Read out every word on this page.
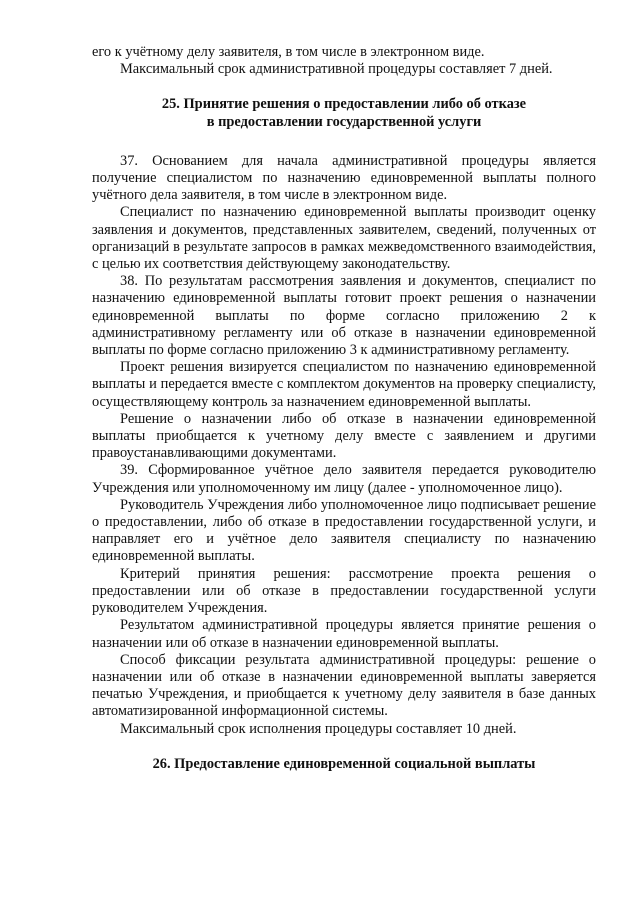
его к учётному делу заявителя, в том числе в электронном виде.

Максимальный срок административной процедуры составляет 7 дней.

25. Принятие решения о предоставлении либо об отказе

в предоставлении государственной услуги

37. Основанием для начала административной процедуры является получение специалистом по назначению единовременной выплаты полного учётного дела заявителя, в том числе в электронном виде.

Специалист по назначению единовременной выплаты производит оценку заявления и документов, представленных заявителем, сведений, полученных от организаций в результате запросов в рамках межведомственного взаимодействия, с целью их соответствия действующему законодательству.

38. По результатам рассмотрения заявления и документов, специалист по назначению единовременной выплаты готовит проект решения о назначении единовременной выплаты по форме согласно приложению 2 к административному регламенту или об отказе в назначении единовременной выплаты по форме согласно приложению 3 к административному регламенту.

Проект решения визируется специалистом по назначению единовременной выплаты и передается вместе с комплектом документов на проверку специалисту, осуществляющему контроль за назначением единовременной выплаты.

Решение о назначении либо об отказе в назначении единовременной выплаты приобщается к учетному делу вместе с заявлением и другими правоустанавливающими документами.

39. Сформированное учётное дело заявителя передается руководителю Учреждения или уполномоченному им лицу (далее - уполномоченное лицо).

Руководитель Учреждения либо уполномоченное лицо подписывает решение о предоставлении, либо об отказе в предоставлении государственной услуги, и направляет его и учётное дело заявителя специалисту по назначению единовременной выплаты.

Критерий принятия решения: рассмотрение проекта решения о предоставлении или об отказе в предоставлении государственной услуги руководителем Учреждения.

Результатом административной процедуры является принятие решения о назначении или об отказе в назначении единовременной выплаты.

Способ фиксации результата административной процедуры: решение о назначении или об отказе в назначении единовременной выплаты заверяется печатью Учреждения, и приобщается к учетному делу заявителя в базе данных автоматизированной информационной системы.

Максимальный срок исполнения процедуры составляет 10 дней.

26. Предоставление единовременной социальной выплаты
